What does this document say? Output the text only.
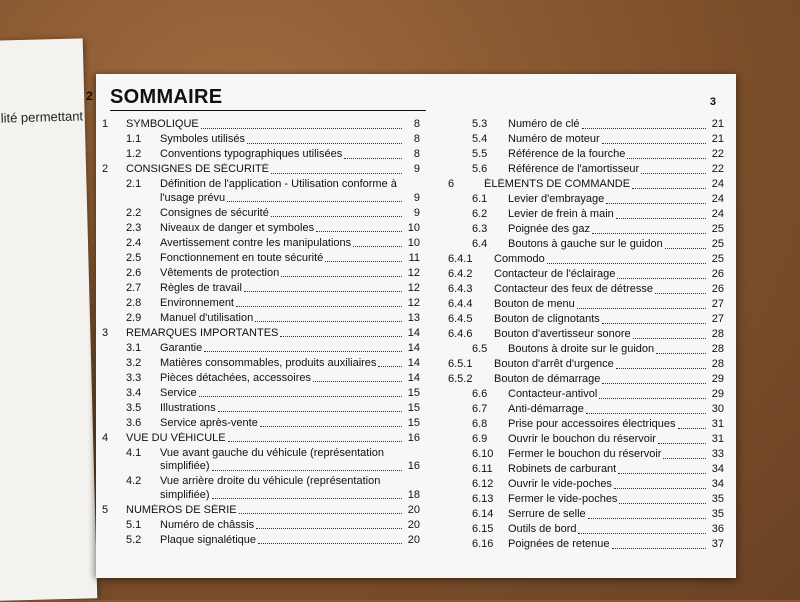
lité permettant
2 SOMMAIRE	3
1	SYMBOLIQUE	8
1.1	Symboles utilisés	8
1.2	Conventions typographiques utilisées	8
2	CONSIGNES DE SÉCURITÉ	9
2.1	Définition de l'application - Utilisation conforme à
l'usage prévu	9
2.2	Consignes de sécurité	9
2.3	Niveaux de danger et symboles	10
2.4	Avertissement contre les manipulations	10
2.5	Fonctionnement en toute sécurité	11
2.6	Vêtements de protection	12
2.7	Règles de travail	12
2.8	Environnement	12
2.9	Manuel d'utilisation	13
3	REMARQUES IMPORTANTES	14
3.1	Garantie	14
3.2	Matières consommables, produits auxiliaires	14
3.3	Pièces détachées, accessoires	14
3.4	Service	15
3.5	Illustrations	15
3.6	Service après-vente	15
4	VUE DU VÉHICULE	16
4.1	Vue avant gauche du véhicule (représentation
simplifiée)	16
4.2	Vue arrière droite du véhicule (représentation
simplifiée)	18
5	NUMÉROS DE SÉRIE	20
5.1	Numéro de châssis	20
5.2	Plaque signalétique	20
5.3	Numéro de clé	21
5.4	Numéro de moteur	21
5.5	Référence de la fourche	22
5.6	Référence de l'amortisseur	22
6	ÉLÉMENTS DE COMMANDE	24
6.1	Levier d'embrayage	24
6.2	Levier de frein à main	24
6.3	Poignée des gaz	25
6.4	Boutons à gauche sur le guidon	25
6.4.1	Commodo	25
6.4.2	Contacteur de l'éclairage	26
6.4.3	Contacteur des feux de détresse	26
6.4.4	Bouton de menu	27
6.4.5	Bouton de clignotants	27
6.4.6	Bouton d'avertisseur sonore	28
6.5	Boutons à droite sur le guidon	28
6.5.1	Bouton d'arrêt d'urgence	28
6.5.2	Bouton de démarrage	29
6.6	Contacteur-antivol	29
6.7	Anti-démarrage	30
6.8	Prise pour accessoires électriques	31
6.9	Ouvrir le bouchon du réservoir	31
6.10	Fermer le bouchon du réservoir	33
6.11	Robinets de carburant	34
6.12	Ouvrir le vide-poches	34
6.13	Fermer le vide-poches	35
6.14	Serrure de selle	35
6.15	Outils de bord	36
6.16	Poignées de retenue	37
